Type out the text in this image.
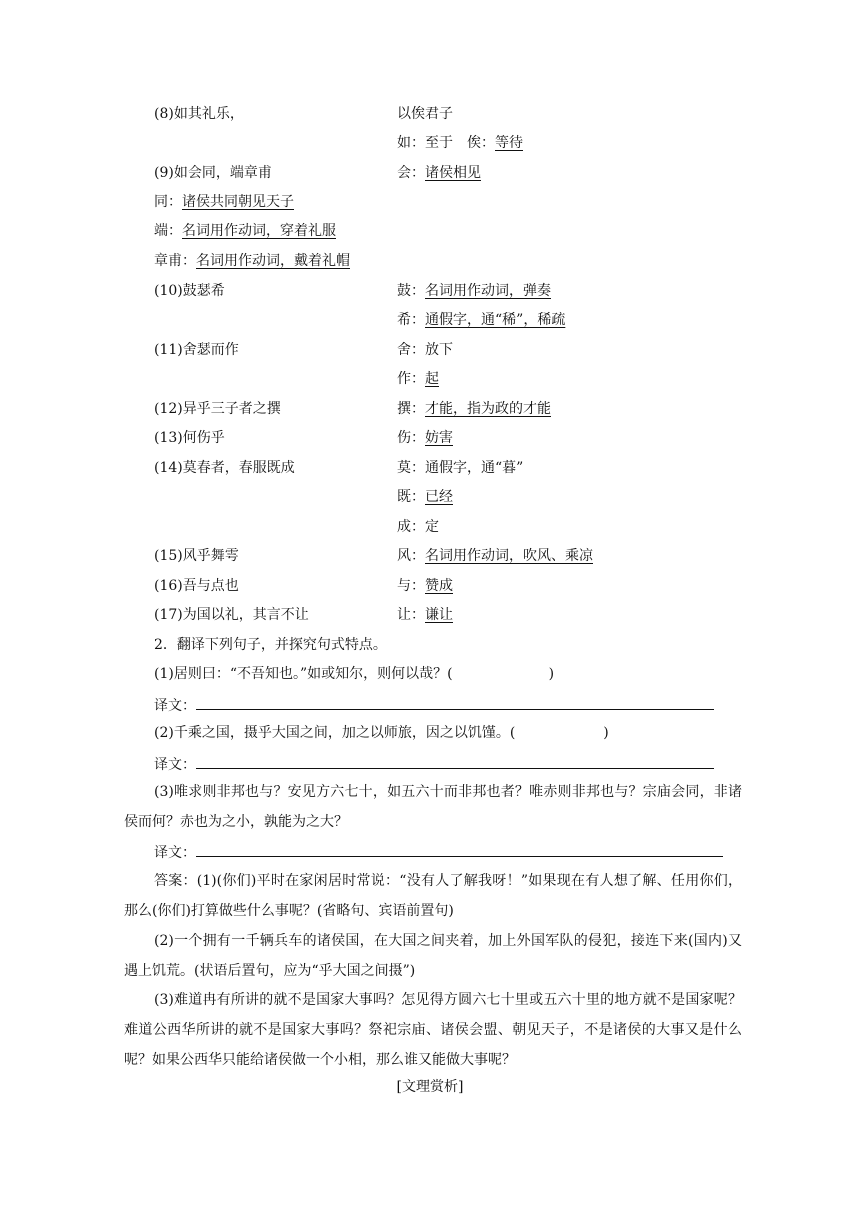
(8)如其礼乐，	以俟君子
如：至于　俟：等待
(9)如会同，端章甫	会：诸侯相见
同：诸侯共同朝见天子
端：名词用作动词，穿着礼服
章甫：名词用作动词，戴着礼帽
(10)鼓瑟希	鼓：名词用作动词，弹奏
希：通假字，通“稀”，稀疏
(11)舍瑟而作	舍：放下
作：起
(12)异乎三子者之撰	撰：才能，指为政的才能
(13)何伤乎	伤：妨害
(14)莫春者，春服既成	莫：通假字，通“暮”
既：已经
成：定
(15)风乎舞雩	风：名词用作动词，吹风、乘凉
(16)吾与点也	与：赞成
(17)为国以礼，其言不让	让：谦让
2．翻译下列句子，并探究句式特点。
(1)居则曰：“不吾知也。”如或知尔，则何以哉？(	)
译文：
(2)千乘之国，摄乎大国之间，加之以师旅，因之以饥馑。(	)
译文：
(3)唯求则非邦也与？安见方六七十，如五六十而非邦也者？唯赤则非邦也与？宗庙会同，非诸侯而何？赤也为之小，孰能为之大？
译文：
答案：(1)(你们)平时在家闲居时常说：“没有人了解我呀！”如果现在有人想了解、任用你们，那么(你们)打算做些什么事呢？(省略句、宾语前置句)
(2)一个拥有一千辆兵车的诸侯国，在大国之间夹着，加上外国军队的侵犯，接连下来(国内)又遇上饥荒。(状语后置句，应为“乎大国之间摄”)
(3)难道冉有所讲的就不是国家大事吗？怎见得方圆六七十里或五六十里的地方就不是国家呢？难道公西华所讲的就不是国家大事吗？祭祀宗庙、诸侯会盟、朝见天子，不是诸侯的大事又是什么呢？如果公西华只能给诸侯做一个小相，那么谁又能做大事呢？
[文理赏析]
